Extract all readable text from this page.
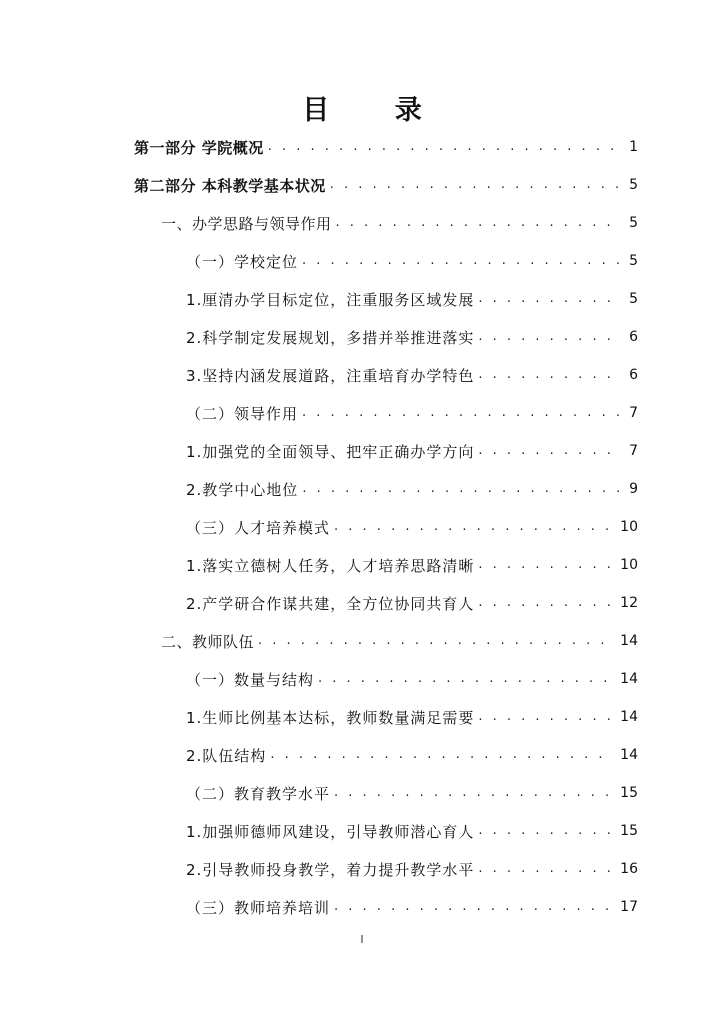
目 录
第一部分 学院概况 . . .	1
第二部分 本科教学基本状况 . . .	5
一、办学思路与领导作用 . . .	5
（一）学校定位 . . .	5
1.厘清办学目标定位，注重服务区域发展 . . .	5
2.科学制定发展规划，多措并举推进落实 . . .	6
3.坚持内涵发展道路，注重培育办学特色 . . .	6
（二）领导作用 . . .	7
1.加强党的全面领导、把牢正确办学方向 . . .	7
2.教学中心地位 . . .	9
（三）人才培养模式 . . .	10
1.落实立德树人任务，人才培养思路清晰 . . .	10
2.产学研合作谋共建，全方位协同共育人 . . .	12
二、教师队伍 . . .	14
（一）数量与结构 . . .	14
1.生师比例基本达标，教师数量满足需要 . . .	14
2.队伍结构 . . .	14
（二）教育教学水平 . . .	15
1.加强师德师风建设，引导教师潜心育人 . . .	15
2.引导教师投身教学，着力提升教学水平 . . .	16
（三）教师培养培训 . . .	17
I
